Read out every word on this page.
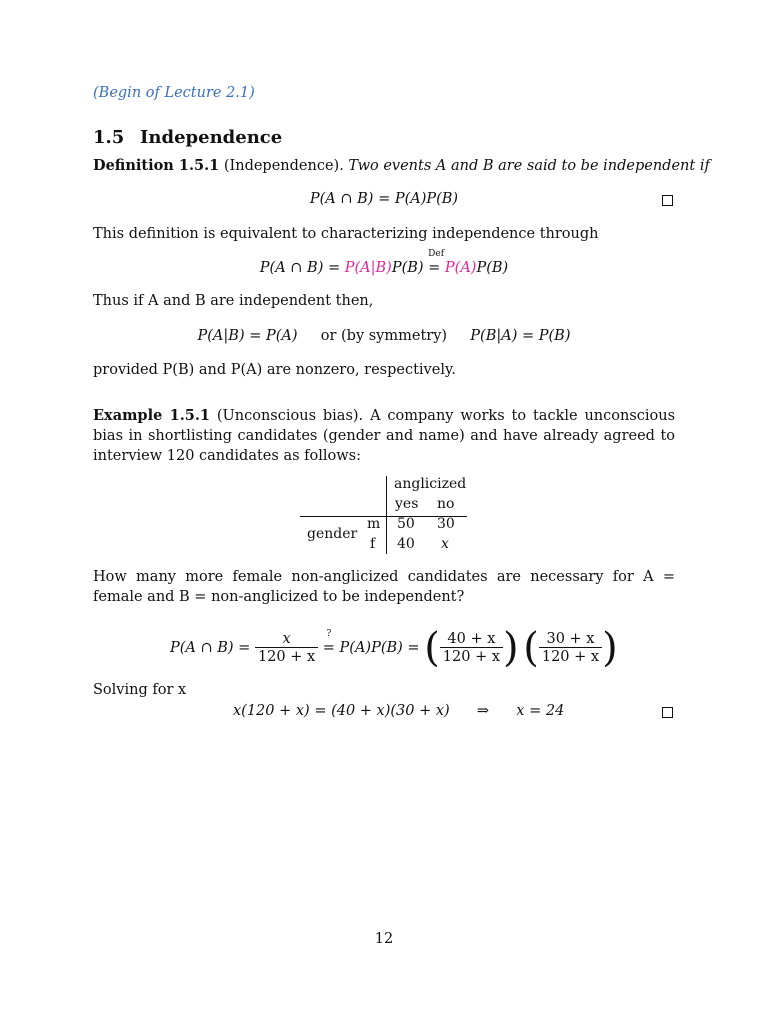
(Begin of Lecture 2.1)
1.5 Independence
Definition 1.5.1 (Independence). Two events A and B are said to be independent if
P(A ∩ B) = P(A)P(B)
This definition is equivalent to characterizing independence through
P(A ∩ B) = P(A|B)P(B)
Def
= P(A)P(B)
Thus if A and B are independent then,
P(A|B) = P(A) or (by symmetry) P(B|A) = P(B)
provided P(B) and P(A) are nonzero, respectively.
Example 1.5.1 (Unconscious bias). A company works to tackle unconscious bias in shortlisting candidates (gender and name) and have already agreed to interview 120 candidates as follows:
anglicized
yes no
gender
m 50 30
f 40 x
How many more female non-anglicized candidates are necessary for A = female and B = non-anglicized to be independent?
P(A ∩ $B) = \frac{x}{120 + x}$
?
= P(A)P(B) = ( $\frac{40 + x}{120 + x}$ ) ( $\frac{30 + x}{120 + x}$ )
Solving for x
x(120 + x) = (40 + x)(30 + x) ⇒ x = 24
12
